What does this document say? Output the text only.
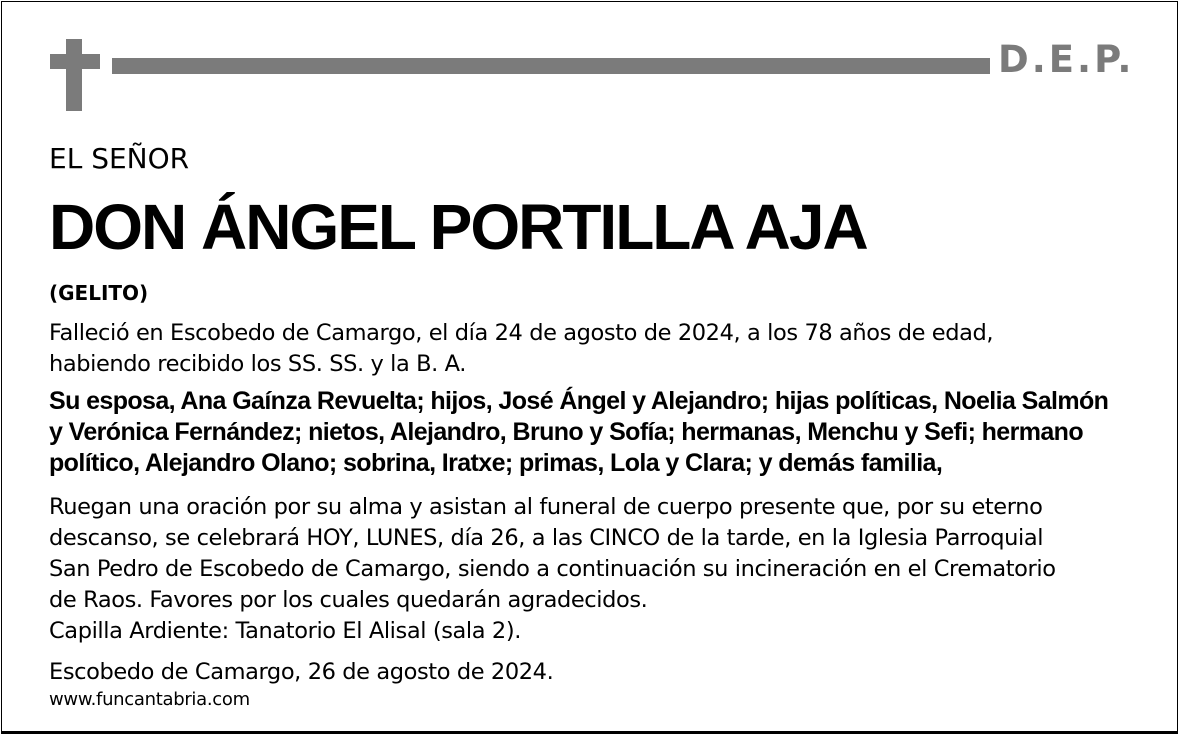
D.E.P.
EL SEÑOR
DON ÁNGEL PORTILLA AJA
(GELITO)
Falleció en Escobedo de Camargo, el día 24 de agosto de 2024, a los 78 años de edad,
habiendo recibido los SS. SS. y la B. A.
Su esposa, Ana Gaínza Revuelta; hijos, José Ángel y Alejandro; hijas políticas, Noelia Salmón
y Verónica Fernández; nietos, Alejandro, Bruno y Sofía; hermanas, Menchu y Sefi; hermano
político, Alejandro Olano; sobrina, Iratxe; primas, Lola y Clara; y demás familia,
Ruegan una oración por su alma y asistan al funeral de cuerpo presente que, por su eterno
descanso, se celebrará HOY, LUNES, día 26, a las CINCO de la tarde, en la Iglesia Parroquial
San Pedro de Escobedo de Camargo, siendo a continuación su incineración en el Crematorio
de Raos. Favores por los cuales quedarán agradecidos.
Capilla Ardiente: Tanatorio El Alisal (sala 2).
Escobedo de Camargo, 26 de agosto de 2024.
www.funcantabria.com
